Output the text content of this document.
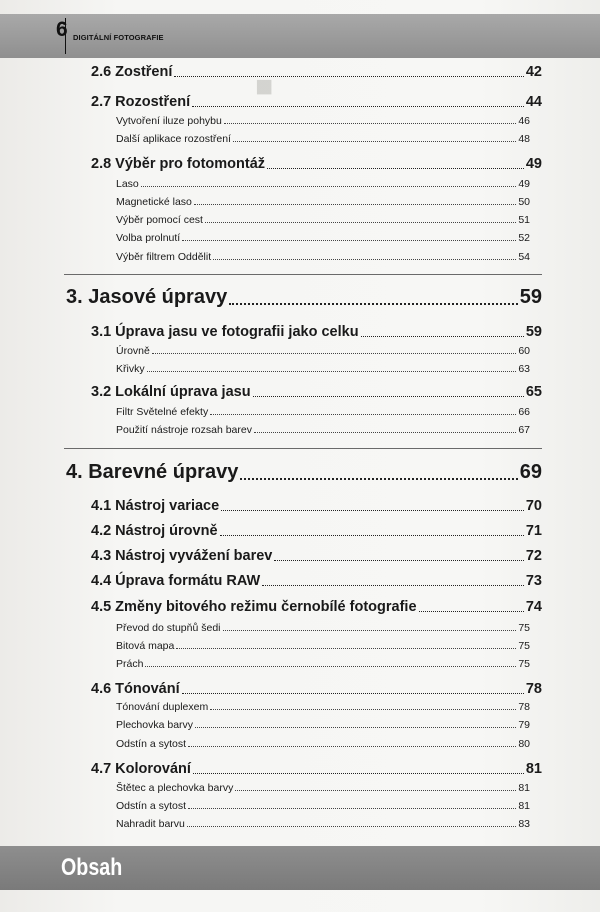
■
6 DIGITÁLNÍ FOTOGRAFIE
2.6 Zostření	42
2.7 Rozostření	44
Vytvoření iluze pohybu	46
Další aplikace rozostření	48
2.8 Výběr pro fotomontáž	49
Laso	49
Magnetické laso	50
Výběr pomocí cest	51
Volba prolnutí	52
Výběr filtrem Oddělit	54
3. Jasové úpravy	59
3.1 Úprava jasu ve fotografii jako celku	59
Úrovně	60
Křivky	63
3.2 Lokální úprava jasu	65
Filtr Světelné efekty	66
Použití nástroje rozsah barev	67
4. Barevné úpravy	69
4.1 Nástroj variace	70
4.2 Nástroj úrovně	71
4.3 Nástroj vyvážení barev	72
4.4 Úprava formátu RAW	73
4.5 Změny bitového režimu černobílé fotografie	74
Převod do stupňů šedi	75
Bitová mapa	75
Prách	75
4.6 Tónování	78
Tónování duplexem	78
Plechovka barvy	79
Odstín a sytost	80
4.7 Kolorování	81
Štětec a plechovka barvy	81
Odstín a sytost	81
Nahradit barvu	83
Obsah
